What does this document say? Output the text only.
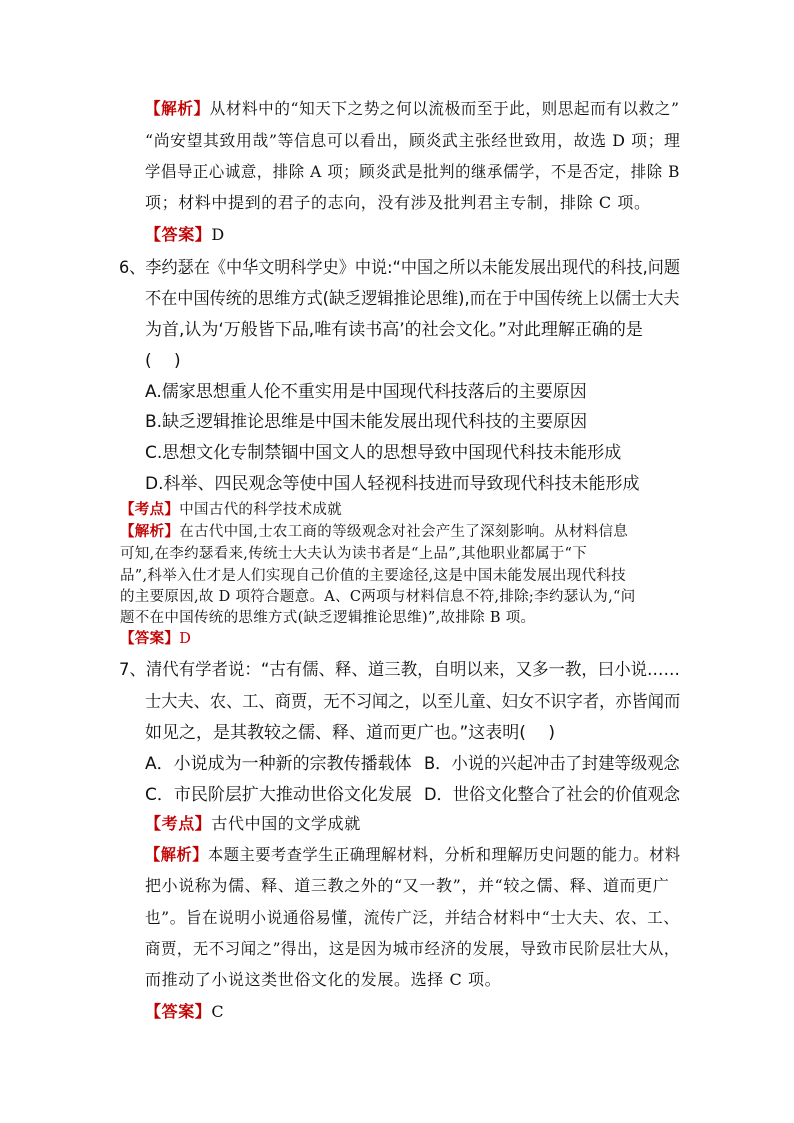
【解析】从材料中的“知天下之势之何以流极而至于此，则思起而有以救之”
“尚安望其致用哉”等信息可以看出，顾炎武主张经世致用，故选 D 项；理
学倡导正心诚意，排除 A 项；顾炎武是批判的继承儒学，不是否定，排除 B
项；材料中提到的君子的志向，没有涉及批判君主专制，排除 C 项。
【答案】D
6、李约瑟在《中华文明科学史》中说:“中国之所以未能发展出现代的科技,问题
不在中国传统的思维方式(缺乏逻辑推论思维),而在于中国传统上以儒士大夫
为首,认为‘万般皆下品,唯有读书高’的社会文化。”对此理解正确的是
(　 )
A.儒家思想重人伦不重实用是中国现代科技落后的主要原因
B.缺乏逻辑推论思维是中国未能发展出现代科技的主要原因
C.思想文化专制禁锢中国文人的思想导致中国现代科技未能形成
D.科举、四民观念等使中国人轻视科技进而导致现代科技未能形成
【考点】中国古代的科学技术成就
【解析】在古代中国,士农工商的等级观念对社会产生了深刻影响。从材料信息
可知,在李约瑟看来,传统士大夫认为读书者是“上品”,其他职业都属于“下
品”,科举入仕才是人们实现自己价值的主要途径,这是中国未能发展出现代科技
的主要原因,故 D 项符合题意。A、C两项与材料信息不符,排除;李约瑟认为,“问
题不在中国传统的思维方式(缺乏逻辑推论思维)”,故排除 B 项。
【答案】D
7、清代有学者说：“古有儒、释、道三教，自明以来，又多一教，曰小说……
士大夫、农、工、商贾，无不习闻之，以至儿童、妇女不识字者，亦皆闻而
如见之，是其教较之儒、释、道而更广也。”这表明(　 )
A．小说成为一种新的宗教传播载体 B．小说的兴起冲击了封建等级观念
C．市民阶层扩大推动世俗文化发展 D．世俗文化整合了社会的价值观念
【考点】古代中国的文学成就
【解析】本题主要考查学生正确理解材料，分析和理解历史问题的能力。材料
把小说称为儒、释、道三教之外的“又一教”，并“较之儒、释、道而更广
也”。旨在说明小说通俗易懂，流传广泛，并结合材料中“士大夫、农、工、
商贾，无不习闻之”得出，这是因为城市经济的发展，导致市民阶层壮大从，
而推动了小说这类世俗文化的发展。选择 C 项。
【答案】C
